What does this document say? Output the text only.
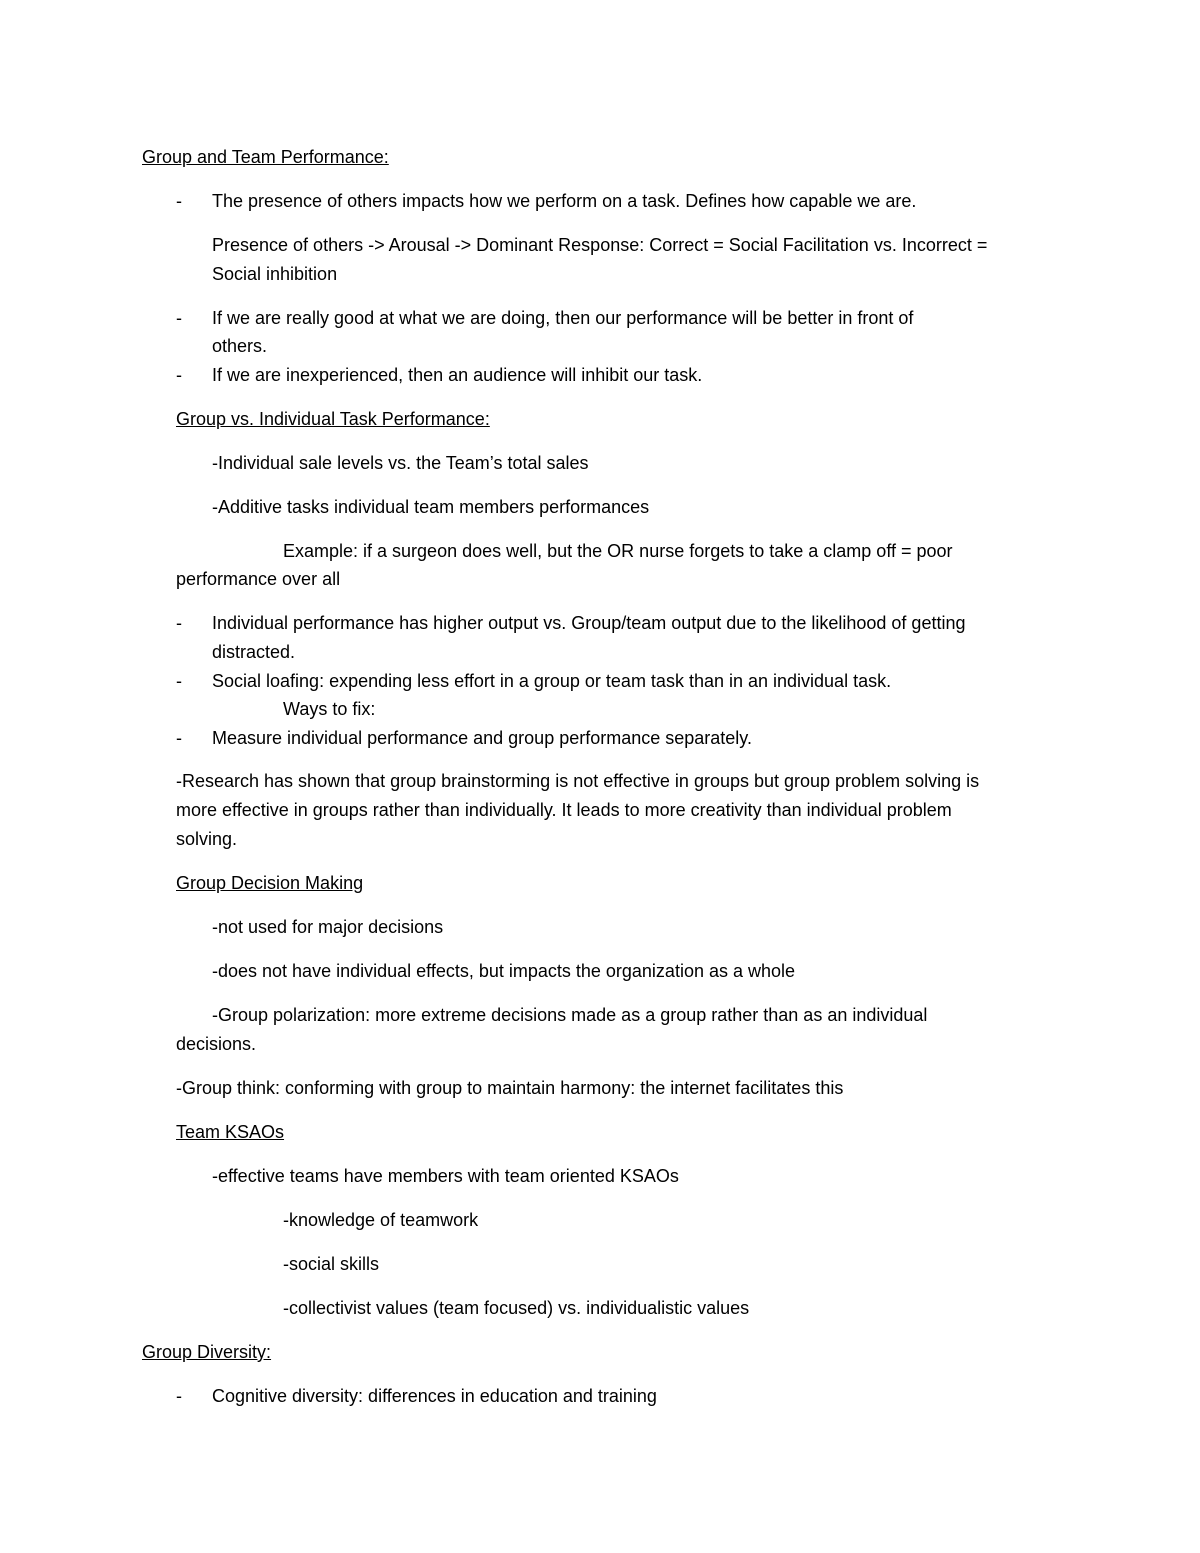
Group and Team Performance:
- The presence of others impacts how we perform on a task. Defines how capable we are.
Presence of others -> Arousal -> Dominant Response: Correct = Social Facilitation vs. Incorrect =
Social inhibition
- If we are really good at what we are doing, then our performance will be better in front of
others.
- If we are inexperienced, then an audience will inhibit our task.
Group vs. Individual Task Performance:
-Individual sale levels vs. the Team’s total sales
-Additive tasks individual team members performances
Example: if a surgeon does well, but the OR nurse forgets to take a clamp off = poor
performance over all
- Individual performance has higher output vs. Group/team output due to the likelihood of getting
distracted.
- Social loafing: expending less effort in a group or team task than in an individual task.
Ways to fix:
- Measure individual performance and group performance separately.
-Research has shown that group brainstorming is not effective in groups but group problem solving is
more effective in groups rather than individually. It leads to more creativity than individual problem
solving.
Group Decision Making
-not used for major decisions
-does not have individual effects, but impacts the organization as a whole
-Group polarization: more extreme decisions made as a group rather than as an individual
decisions.
-Group think: conforming with group to maintain harmony: the internet facilitates this
Team KSAOs
-effective teams have members with team oriented KSAOs
-knowledge of teamwork
-social skills
-collectivist values (team focused) vs. individualistic values
Group Diversity:
- Cognitive diversity: differences in education and training
